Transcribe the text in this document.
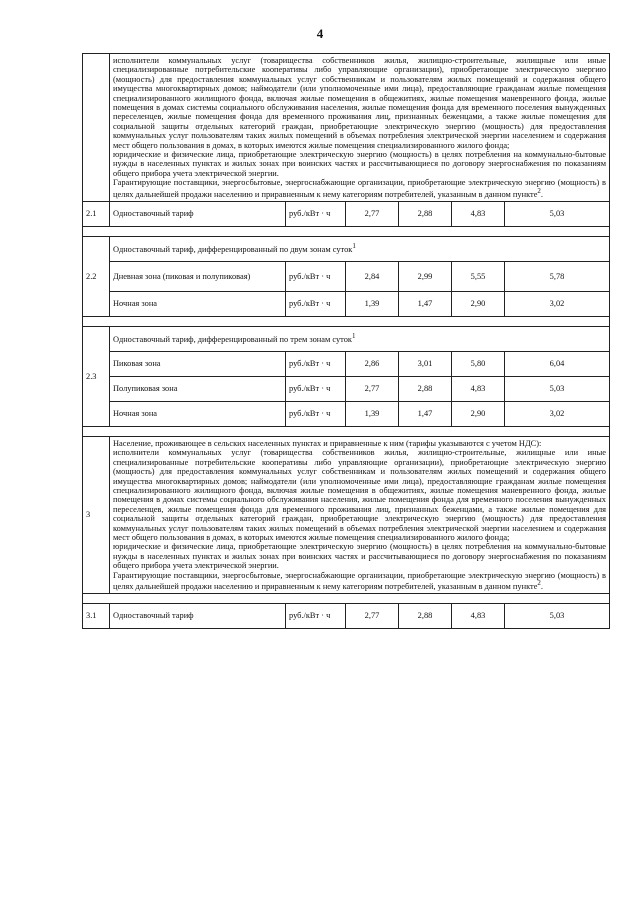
4

	исполнители коммунальных услуг (товарищества собственников жилья, жилищно-строительные, жилищные или иные специализированные потребительские кооперативы либо управляющие организации), приобретающие электрическую энергию (мощность) для предоставления коммунальных услуг собственникам и пользователям жилых помещений и содержания общего имущества многоквартирных домов; наймодатели (или уполномоченные ими лица), предоставляющие гражданам жилые помещения специализированного жилищного фонда, включая жилые помещения в общежитиях, жилые помещения маневренного фонда, жилые помещения в домах системы социального обслуживания населения, жилые помещения фонда для временного поселения вынужденных переселенцев, жилые помещения фонда для временного проживания лиц, признанных беженцами, а также жилые помещения для социальной защиты отдельных категорий граждан, приобретающие электрическую энергию (мощность) для предоставления коммунальных услуг пользователям таких жилых помещений в объемах потребления электрической энергии населением и содержания мест общего пользования в домах, в которых имеются жилые помещения специализированного жилого фонда;

юридические и физические лица, приобретающие электрическую энергию (мощность) в целях потребления на коммунально-бытовые нужды в населенных пунктах и жилых зонах при воинских частях и рассчитывающиеся по договору энергоснабжения по показаниям общего прибора учета электрической энергии.

Гарантирующие поставщики, энергосбытовые, энергоснабжающие организации, приобретающие электрическую энергию (мощность) в целях дальнейшей продажи населению и приравненным к нему категориям потребителей, указанным в данном пункте$^2$.					

2.1	Одноставочный тариф	руб./кВт · ч	2,77	2,88	4,83	5,03

2.2	Одноставочный тариф, дифференцированный по двум зонам суток$^1$
	Дневная зона (пиковая и полупиковая)	руб./кВт · ч	2,84	2,99	5,55	5,78
	Ночная зона	руб./кВт · ч	1,39	1,47	2,90	3,02

2.3	Одноставочный тариф, дифференцированный по трем зонам суток$^1$
	Пиковая зона	руб./кВт · ч	2,86	3,01	5,80	6,04
	Полупиковая зона	руб./кВт · ч	2,77	2,88	4,83	5,03
	Ночная зона	руб./кВт · ч	1,39	1,47	2,90	3,02

3	Население, проживающее в сельских населенных пунктах и приравненные к ним (тарифы указываются с учетом НДС):

исполнители коммунальных услуг (товарищества собственников жилья, жилищно-строительные, жилищные или иные специализированные потребительские кооперативы либо управляющие организации), приобретающие электрическую энергию (мощность) для предоставления коммунальных услуг собственникам и пользователям жилых помещений и содержания общего имущества многоквартирных домов; наймодатели (или уполномоченные ими лица), предоставляющие гражданам жилые помещения специализированного жилищного фонда, включая жилые помещения в общежитиях, жилые помещения маневренного фонда, жилые помещения в домах системы социального обслуживания населения, жилые помещения фонда для временного поселения вынужденных переселенцев, жилые помещения фонда для временного проживания лиц, признанных беженцами, а также жилые помещения для социальной защиты отдельных категорий граждан, приобретающие электрическую энергию (мощность) для предоставления коммунальных услуг пользователям таких жилых помещений в объемах потребления электрической энергии населением и содержания мест общего пользования в домах, в которых имеются жилые помещения специализированного жилого фонда;

юридические и физические лица, приобретающие электрическую энергию (мощность) в целях потребления на коммунально-бытовые нужды в населенных пунктах и жилых зонах при воинских частях и рассчитывающиеся по договору энергоснабжения по показаниям общего прибора учета электрической энергии.

Гарантирующие поставщики, энергосбытовые, энергоснабжающие организации, приобретающие электрическую энергию (мощность) в целях дальнейшей продажи населению и приравненным к нему категориям потребителей, указанным в данном пункте$^2$.					

3.1	Одноставочный тариф	руб./кВт · ч	2,77	2,88	4,83	5,03
